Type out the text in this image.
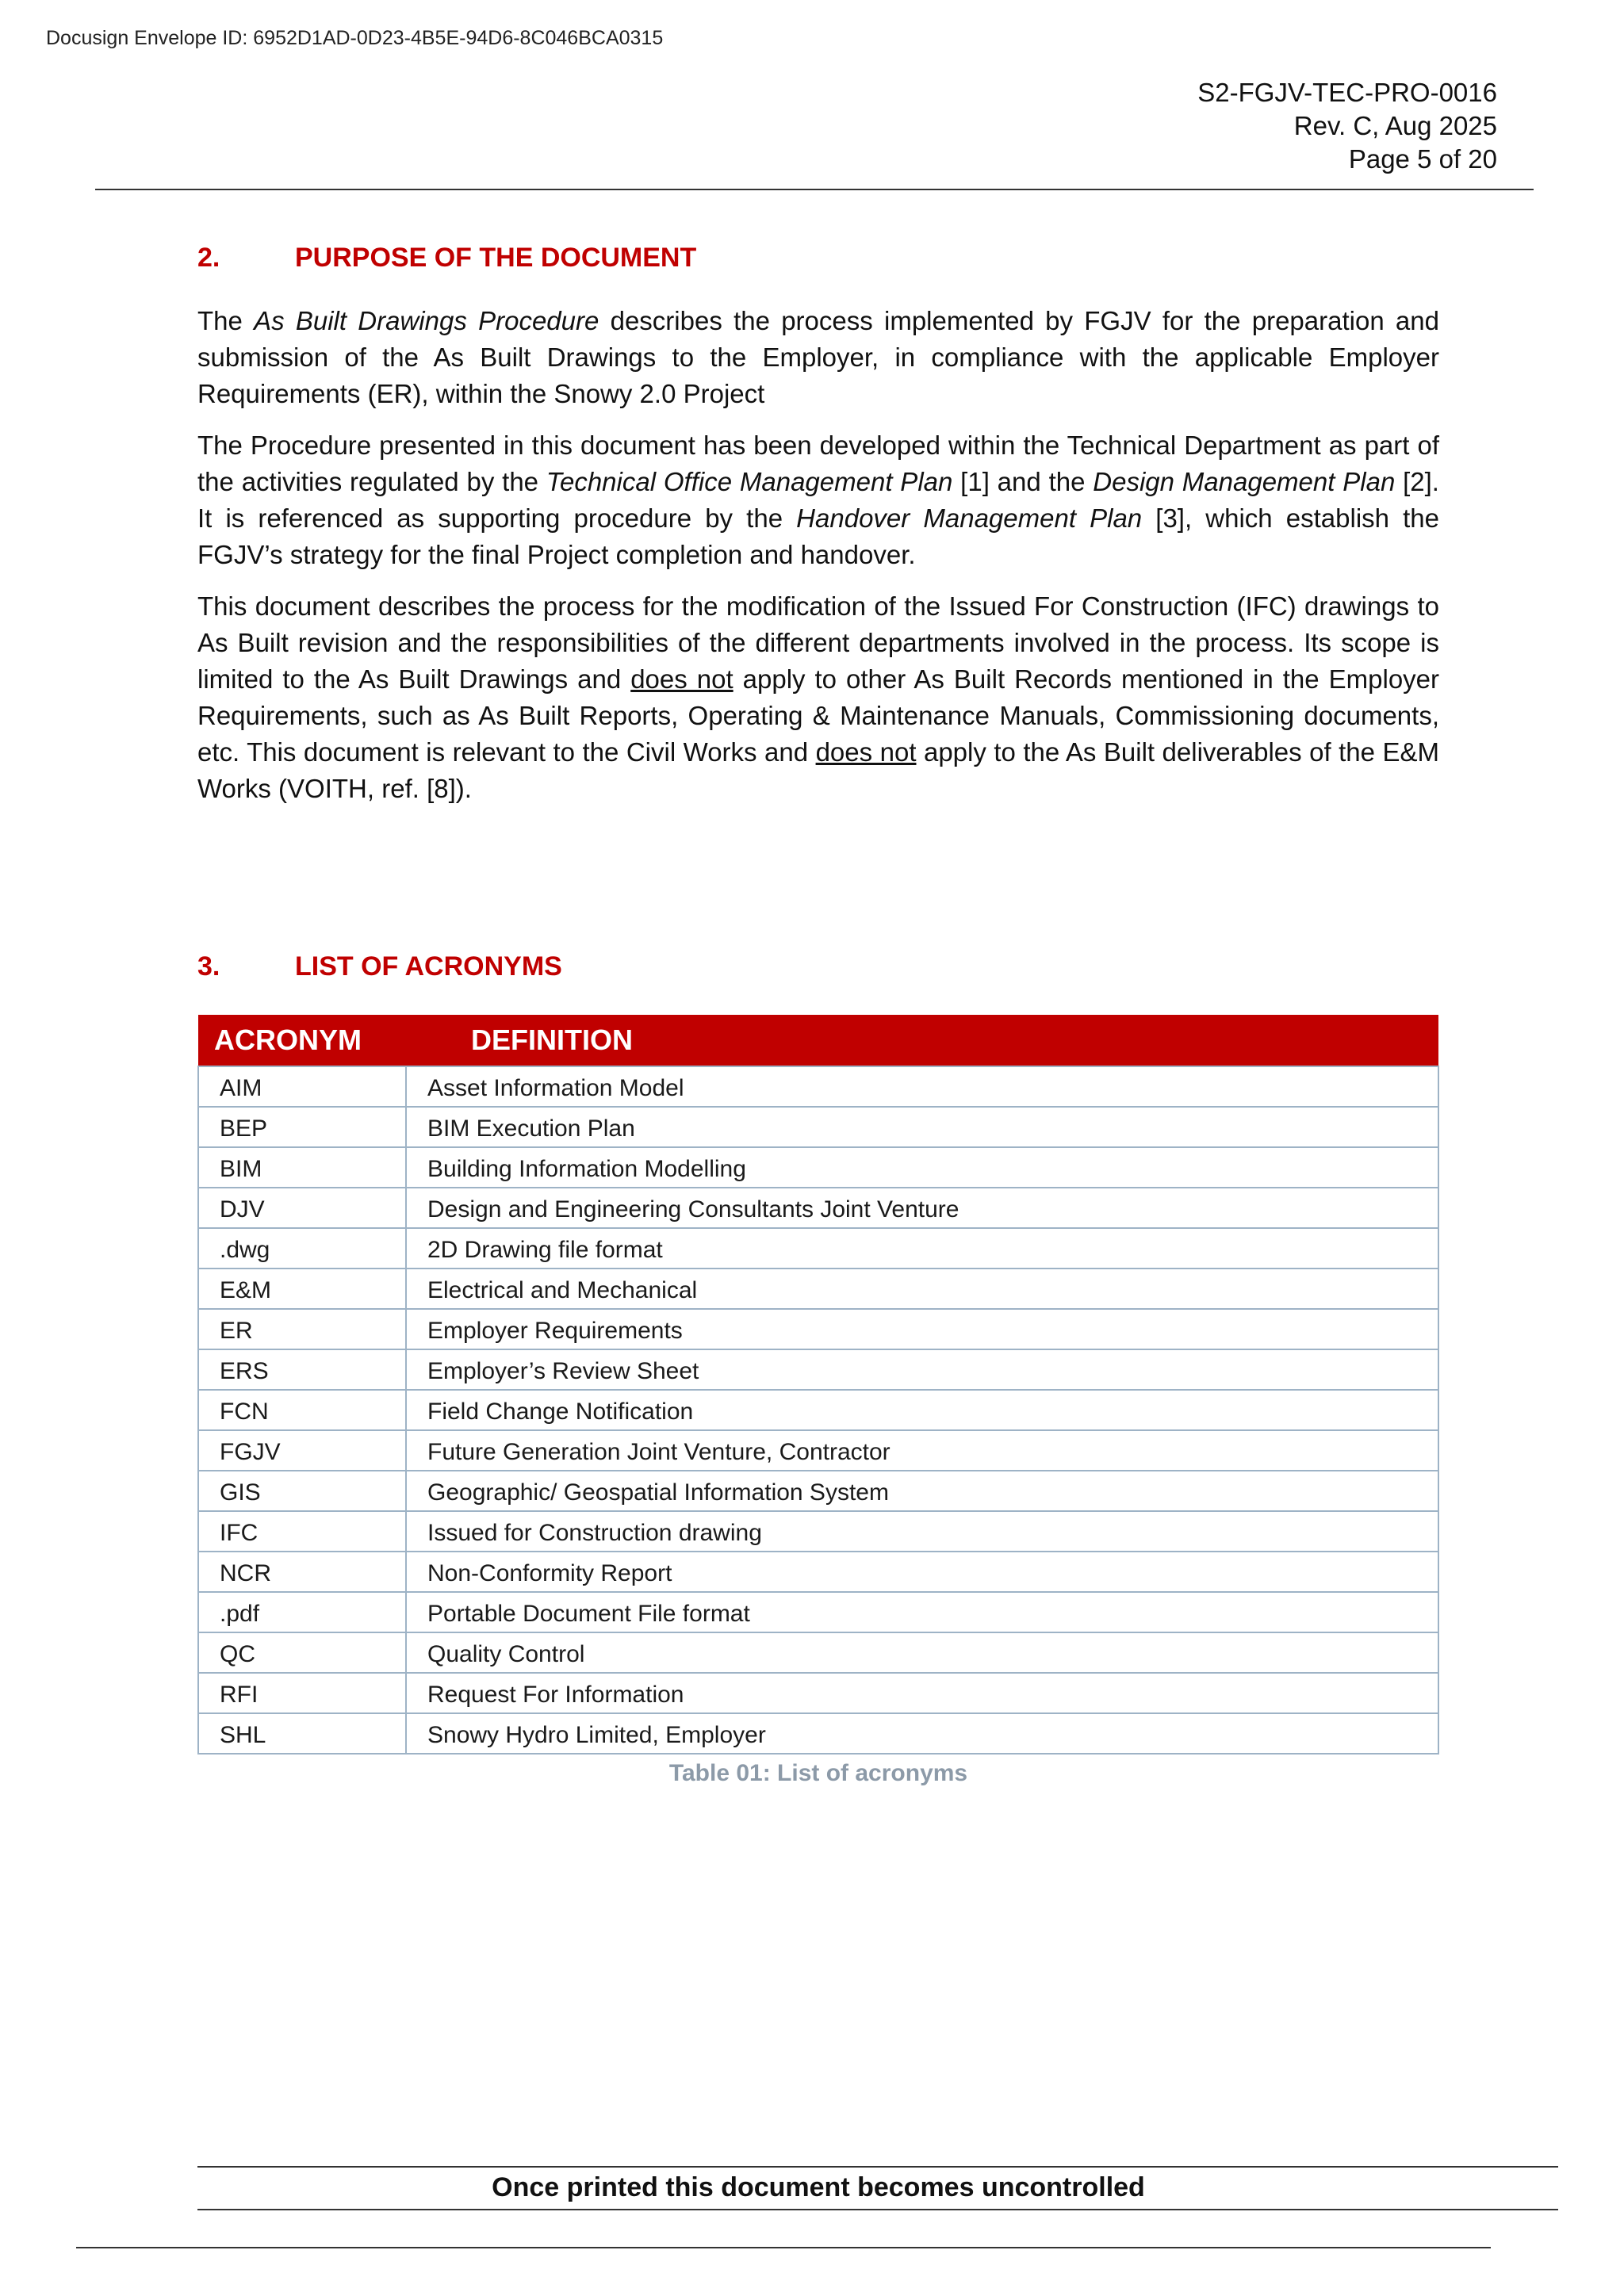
Docusign Envelope ID: 6952D1AD-0D23-4B5E-94D6-8C046BCA0315
S2-FGJV-TEC-PRO-0016
Rev. C, Aug 2025
Page 5 of 20
2.	PURPOSE OF THE DOCUMENT

The As Built Drawings Procedure describes the process implemented by FGJV for the preparation and submission of the As Built Drawings to the Employer, in compliance with the applicable Employer Requirements (ER), within the Snowy 2.0 Project

The Procedure presented in this document has been developed within the Technical Department as part of the activities regulated by the Technical Office Management Plan [1] and the Design Management Plan [2]. It is referenced as supporting procedure by the Handover Management Plan [3], which establish the FGJV’s strategy for the final Project completion and handover.

This document describes the process for the modification of the Issued For Construction (IFC) drawings to As Built revision and the responsibilities of the different departments involved in the process. Its scope is limited to the As Built Drawings and does not apply to other As Built Records mentioned in the Employer Requirements, such as As Built Reports, Operating & Maintenance Manuals, Commissioning documents, etc. This document is relevant to the Civil Works and does not apply to the As Built deliverables of the E&M Works (VOITH, ref. [8]).

3.	LIST OF ACRONYMS
ACRONYM	DEFINITION
AIM	Asset Information Model
BEP	BIM Execution Plan
BIM	Building Information Modelling
DJV	Design and Engineering Consultants Joint Venture
.dwg	2D Drawing file format
E&M	Electrical and Mechanical
ER	Employer Requirements
ERS	Employer’s Review Sheet
FCN	Field Change Notification
FGJV	Future Generation Joint Venture, Contractor
GIS	Geographic/ Geospatial Information System
IFC	Issued for Construction drawing
NCR	Non-Conformity Report
.pdf	Portable Document File format
QC	Quality Control
RFI	Request For Information
SHL	Snowy Hydro Limited, Employer
Table 01: List of acronyms
Once printed this document becomes uncontrolled
